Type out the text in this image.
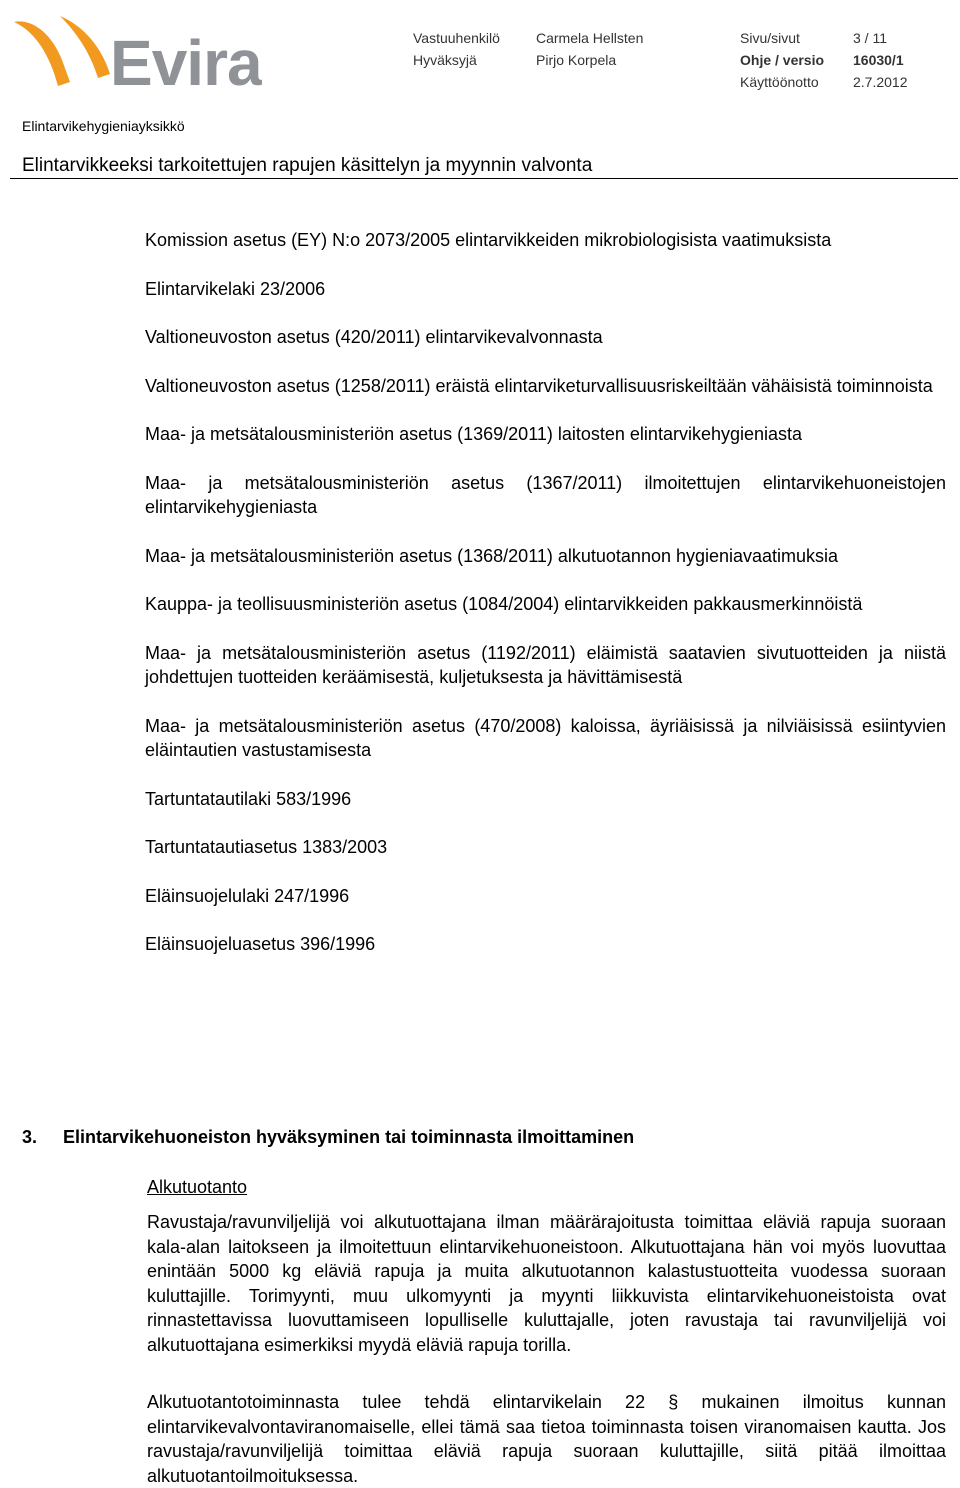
Evira	Vastuuhenkilö	Carmela Hellsten	Sivu/sivut	3 / 11
Hyväksyjä	Pirjo Korpela	Ohje / versio 16030/1
Käyttöönotto 2.7.2012
Elintarvikehygieniayksikkö
Elintarvikkeeksi tarkoitettujen rapujen käsittelyn ja myynnin valvonta
Komission asetus (EY) N:o 2073/2005 elintarvikkeiden mikrobiologisista vaatimuksista
Elintarvikelaki 23/2006
Valtioneuvoston asetus (420/2011) elintarvikevalvonnasta
Valtioneuvoston asetus (1258/2011) eräistä elintarviketurvallisuusriskeiltään vähäisistä toiminnoista
Maa- ja metsätalousministeriön asetus (1369/2011) laitosten elintarvikehygieniasta
Maa- ja metsätalousministeriön asetus (1367/2011) ilmoitettujen elintarvikehuoneistojen elintarvikehygieniasta
Maa- ja metsätalousministeriön asetus (1368/2011) alkutuotannon hygieniavaatimuksia
Kauppa- ja teollisuusministeriön asetus (1084/2004) elintarvikkeiden pakkausmerkinnöistä
Maa- ja metsätalousministeriön asetus (1192/2011) eläimistä saatavien sivutuotteiden ja niistä johdettujen tuotteiden keräämisestä, kuljetuksesta ja hävittämisestä
Maa- ja metsätalousministeriön asetus (470/2008) kaloissa, äyriäisissä ja nilviäisissä esiintyvien eläintautien vastustamisesta
Tartuntatautilaki 583/1996
Tartuntatautiasetus 1383/2003
Eläinsuojelulaki 247/1996
Eläinsuojeluasetus 396/1996
3. Elintarvikehuoneiston hyväksyminen tai toiminnasta ilmoittaminen
Alkutuotanto

Ravustaja/ravunviljelijä voi alkutuottajana ilman määrärajoitusta toimittaa eläviä rapuja suoraan kala-alan laitokseen ja ilmoitettuun elintarvikehuoneistoon. Alkutuottajana hän voi myös luovuttaa enintään 5000 kg eläviä rapuja ja muita alkutuotannon kalastustuotteita vuodessa suoraan kuluttajille. Torimyynti, muu ulkomyynti ja myynti liikkuvista elintarvikehuoneistoista ovat rinnastettavissa luovuttamiseen lopulliselle kuluttajalle, joten ravustaja tai ravunviljelijä voi alkutuottajana esimerkiksi myydä eläviä rapuja torilla.

Alkutuotantotoiminnasta tulee tehdä elintarvikelain 22 § mukainen ilmoitus kunnan elintarvikevalvontaviranomaiselle, ellei tämä saa tietoa toiminnasta toisen viranomaisen kautta. Jos ravustaja/ravunviljelijä toimittaa eläviä rapuja suoraan kuluttajille, siitä pitää ilmoittaa alkutuotantoilmoituksessa.
